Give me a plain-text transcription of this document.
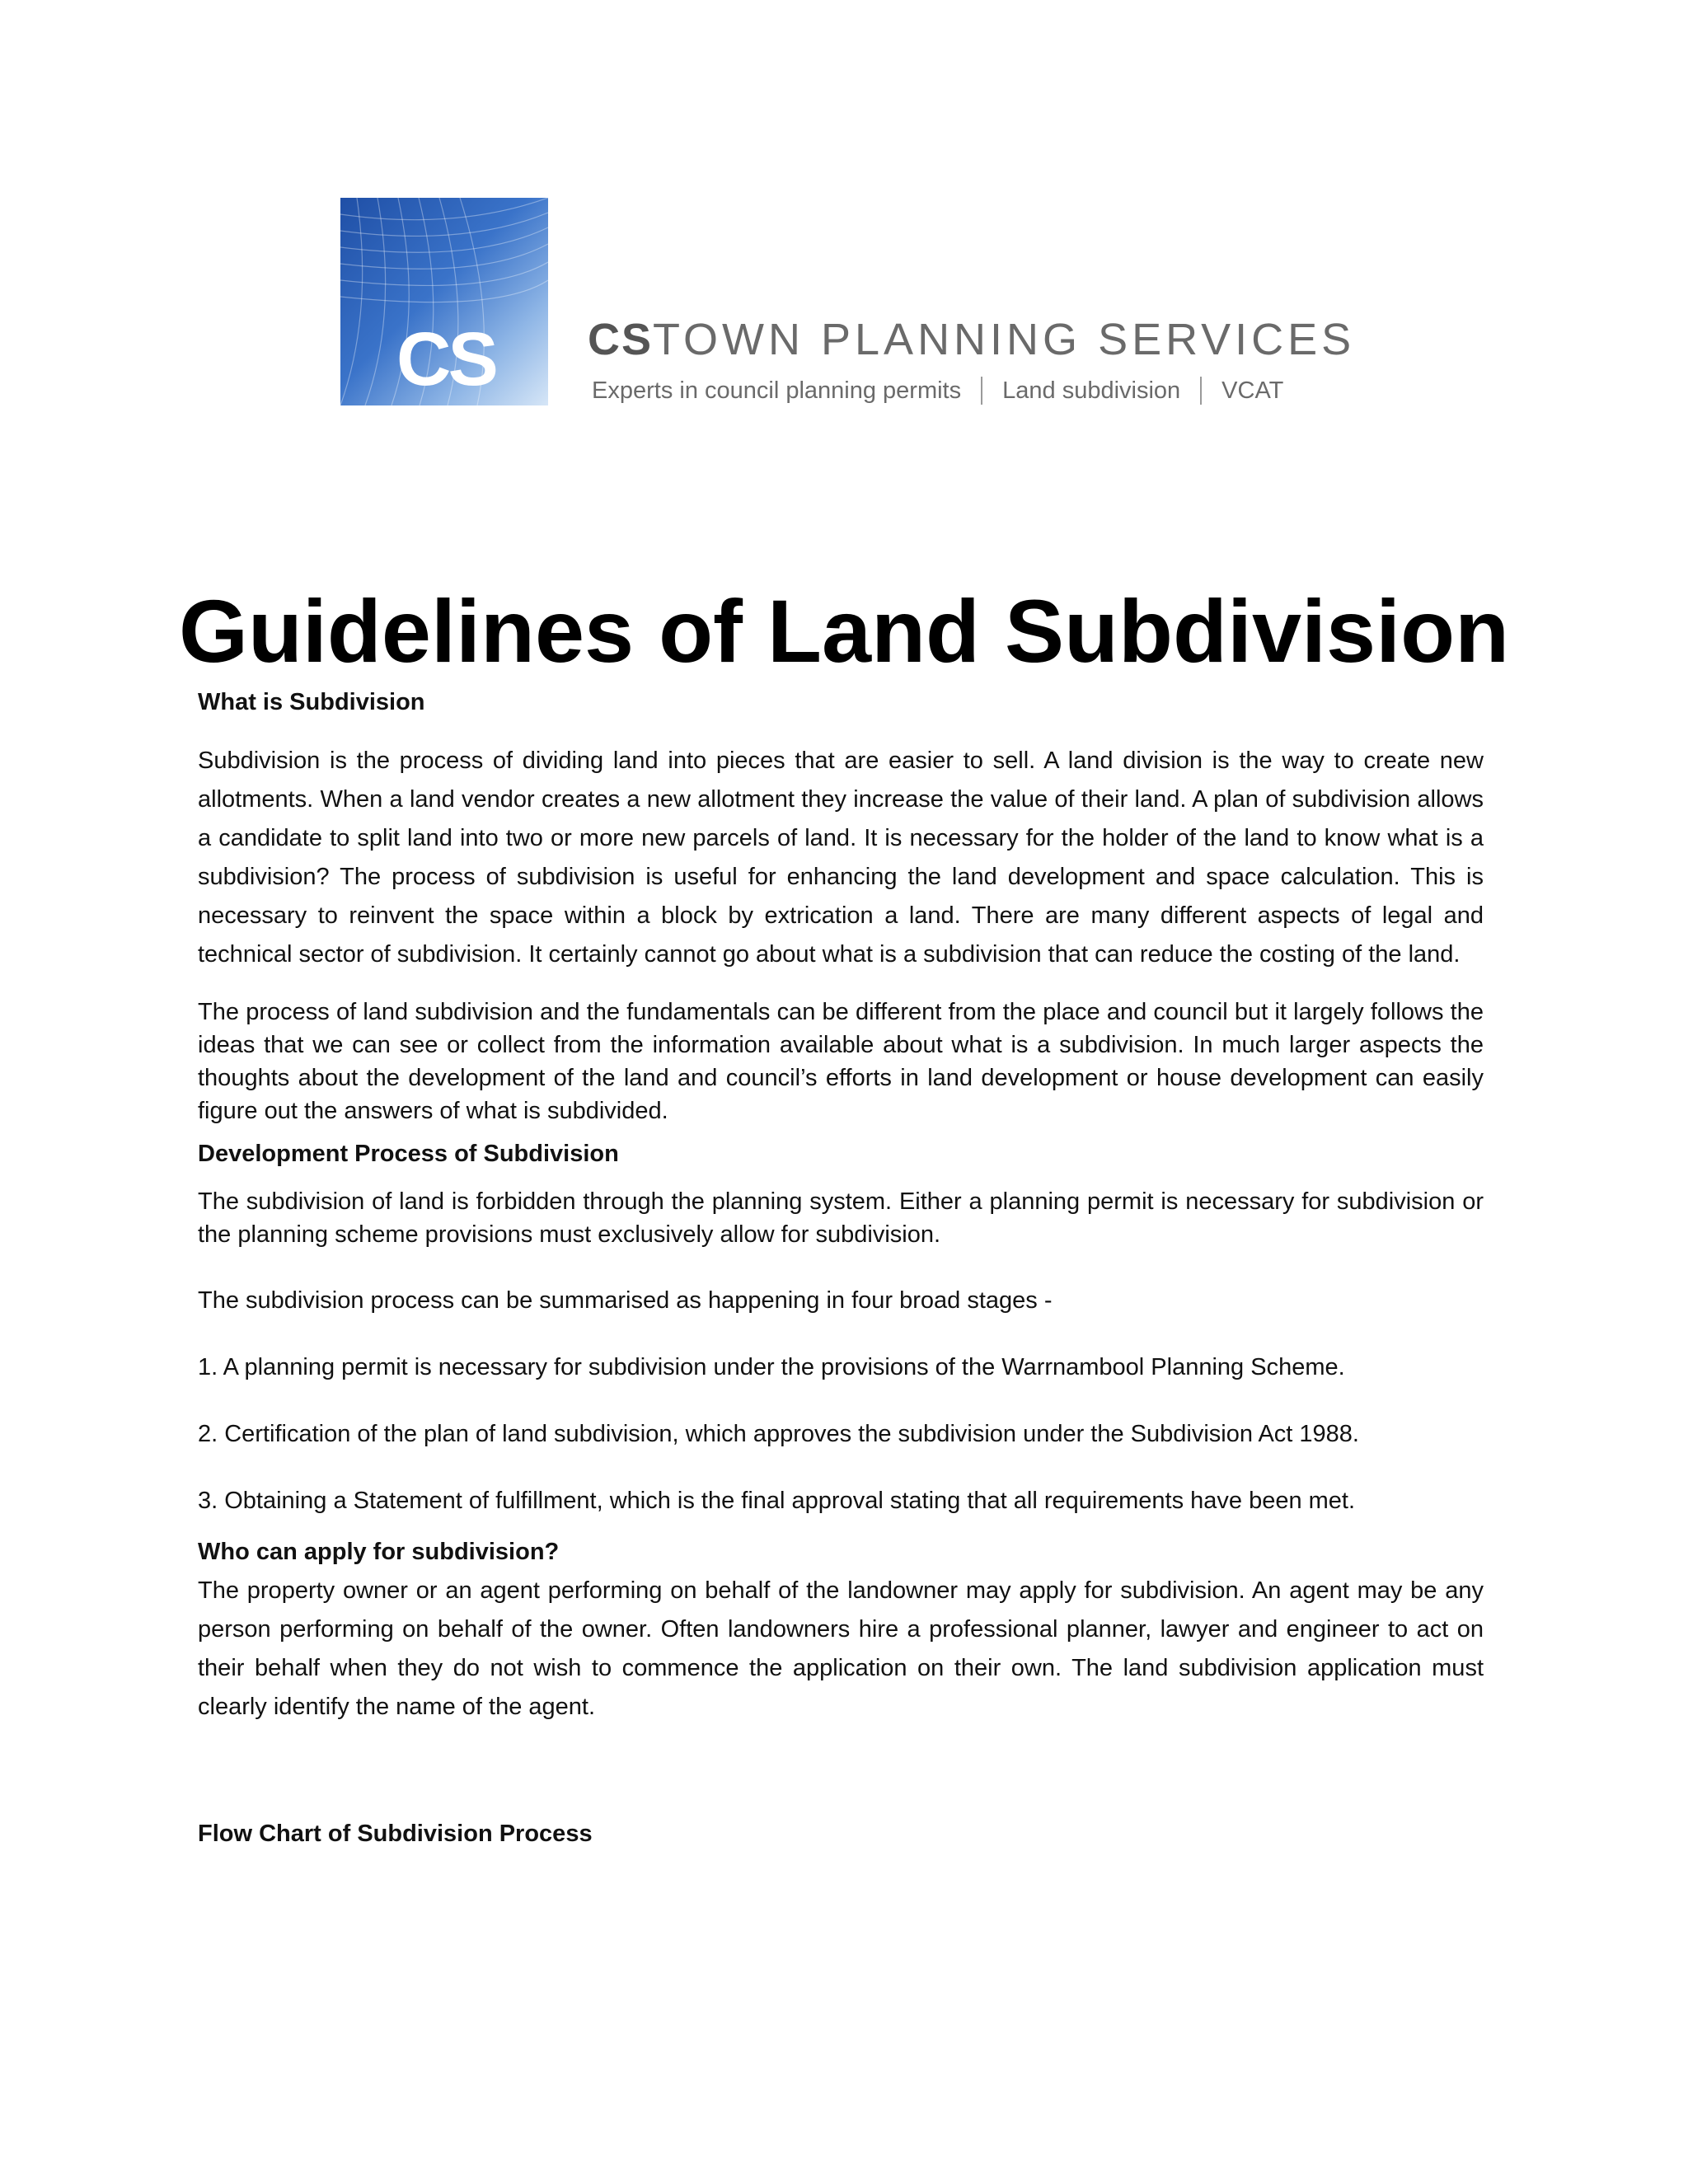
CS CSTOWN PLANNING SERVICES
Experts in council planning permits Land subdivision VCAT
Guidelines of Land Subdivision

What is Subdivision

Subdivision is the process of dividing land into pieces that are easier to sell. A land division is the way to create new allotments. When a land vendor creates a new allotment they increase the value of their land. A plan of subdivision allows a candidate to split land into two or more new parcels of land. It is necessary for the holder of the land to know what is a subdivision? The process of subdivision is useful for enhancing the land development and space calculation. This is necessary to reinvent the space within a block by extrication a land. There are many different aspects of legal and technical sector of subdivision. It certainly cannot go about what is a subdivision that can reduce the costing of the land.

The process of land subdivision and the fundamentals can be different from the place and council but it largely follows the ideas that we can see or collect from the information available about what is a subdivision. In much larger aspects the thoughts about the development of the land and council’s efforts in land development or house development can easily figure out the answers of what is subdivided.

Development Process of Subdivision

The subdivision of land is forbidden through the planning system. Either a planning permit is necessary for subdivision or the planning scheme provisions must exclusively allow for subdivision.

The subdivision process can be summarised as happening in four broad stages -

1. A planning permit is necessary for subdivision under the provisions of the Warrnambool Planning Scheme.

2. Certification of the plan of land subdivision, which approves the subdivision under the Subdivision Act 1988.

3. Obtaining a Statement of fulfillment, which is the final approval stating that all requirements have been met.

Who can apply for subdivision?

The property owner or an agent performing on behalf of the landowner may apply for subdivision. An agent may be any person performing on behalf of the owner. Often landowners hire a professional planner, lawyer and engineer to act on their behalf when they do not wish to commence the application on their own. The land subdivision application must clearly identify the name of the agent.

Flow Chart of Subdivision Process
